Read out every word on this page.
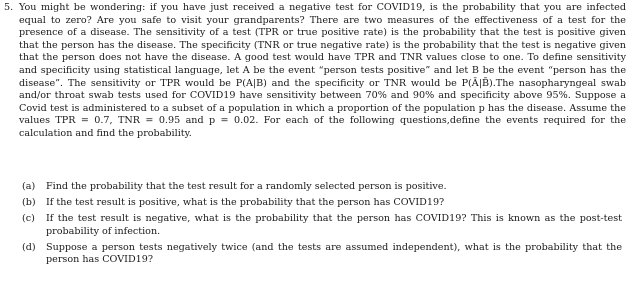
5. You might be wondering: if you have just received a negative test for COVID19, is the probability that you are infected equal to zero? Are you safe to visit your grandparents? There are two measures of the effectiveness of a test for the presence of a disease. The sensitivity of a test (TPR or true positive rate) is the probability that the test is positive given that the person has the disease. The specificity (TNR or true negative rate) is the probability that the test is negative given that the person does not have the disease. A good test would have TPR and TNR values close to one. To define sensitivity and specificity using statistical language, let A be the event “person tests positive” and let B be the event “person has the disease”. The sensitivity or TPR would be P(A|B) and the specificity or TNR would be P(Ā|B̄).The nasopharyngeal swab and/or throat swab tests used for COVID19 have sensitivity between 70% and 90% and specificity above 95%. Suppose a Covid test is administered to a subset of a population in which a proportion of the population p has the disease. Assume the values TPR = 0.7, TNR = 0.95 and p = 0.02. For each of the following questions,define the events required for the calculation and find the probability.
(a)	Find the probability that the test result for a randomly selected person is positive.
(b)	If the test result is positive, what is the probability that the person has COVID19?
(c)	If the test result is negative, what is the probability that the person has COVID19? This is known as the post-test probability of infection.
(d)	Suppose a person tests negatively twice (and the tests are assumed independent), what is the probability that the person has COVID19?
